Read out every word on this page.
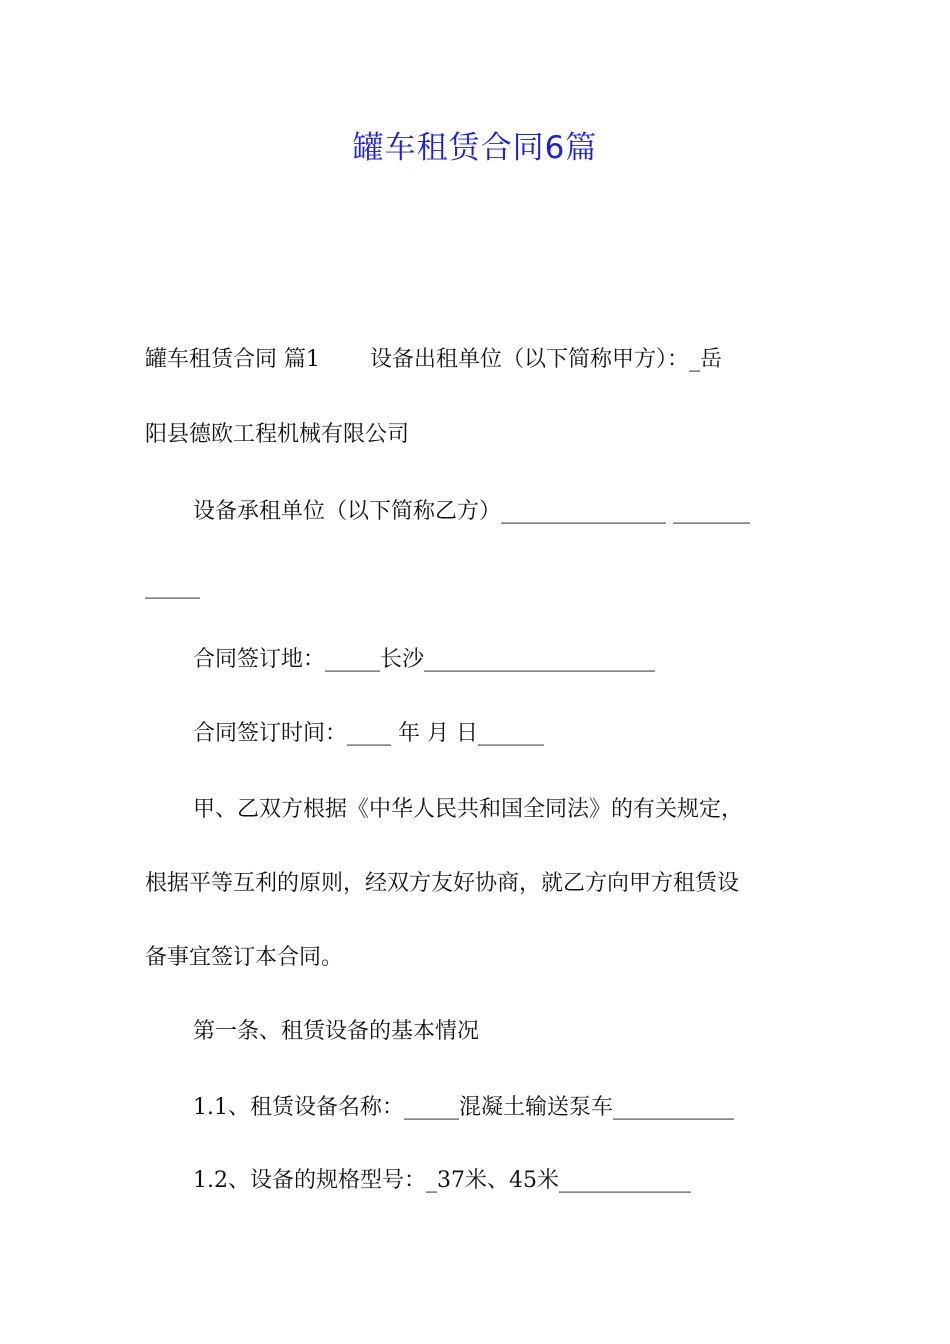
罐车租赁合同6篇
罐车租赁合同 篇1 设备出租单位（以下简称甲方）：_岳
阳县德欧工程机械有限公司
设备承租单位（以下简称乙方）_______________ _______
_____
合同签订地：_____长沙_____________________
合同签订时间：____ 年 月 日______
甲、乙双方根据《中华人民共和国全同法》的有关规定，
根据平等互利的原则，经双方友好协商，就乙方向甲方租赁设
备事宜签订本合同。
第一条、租赁设备的基本情况
1.1、租赁设备名称：_____混凝土输送泵车___________
1.2、设备的规格型号：_37米、45米____________
